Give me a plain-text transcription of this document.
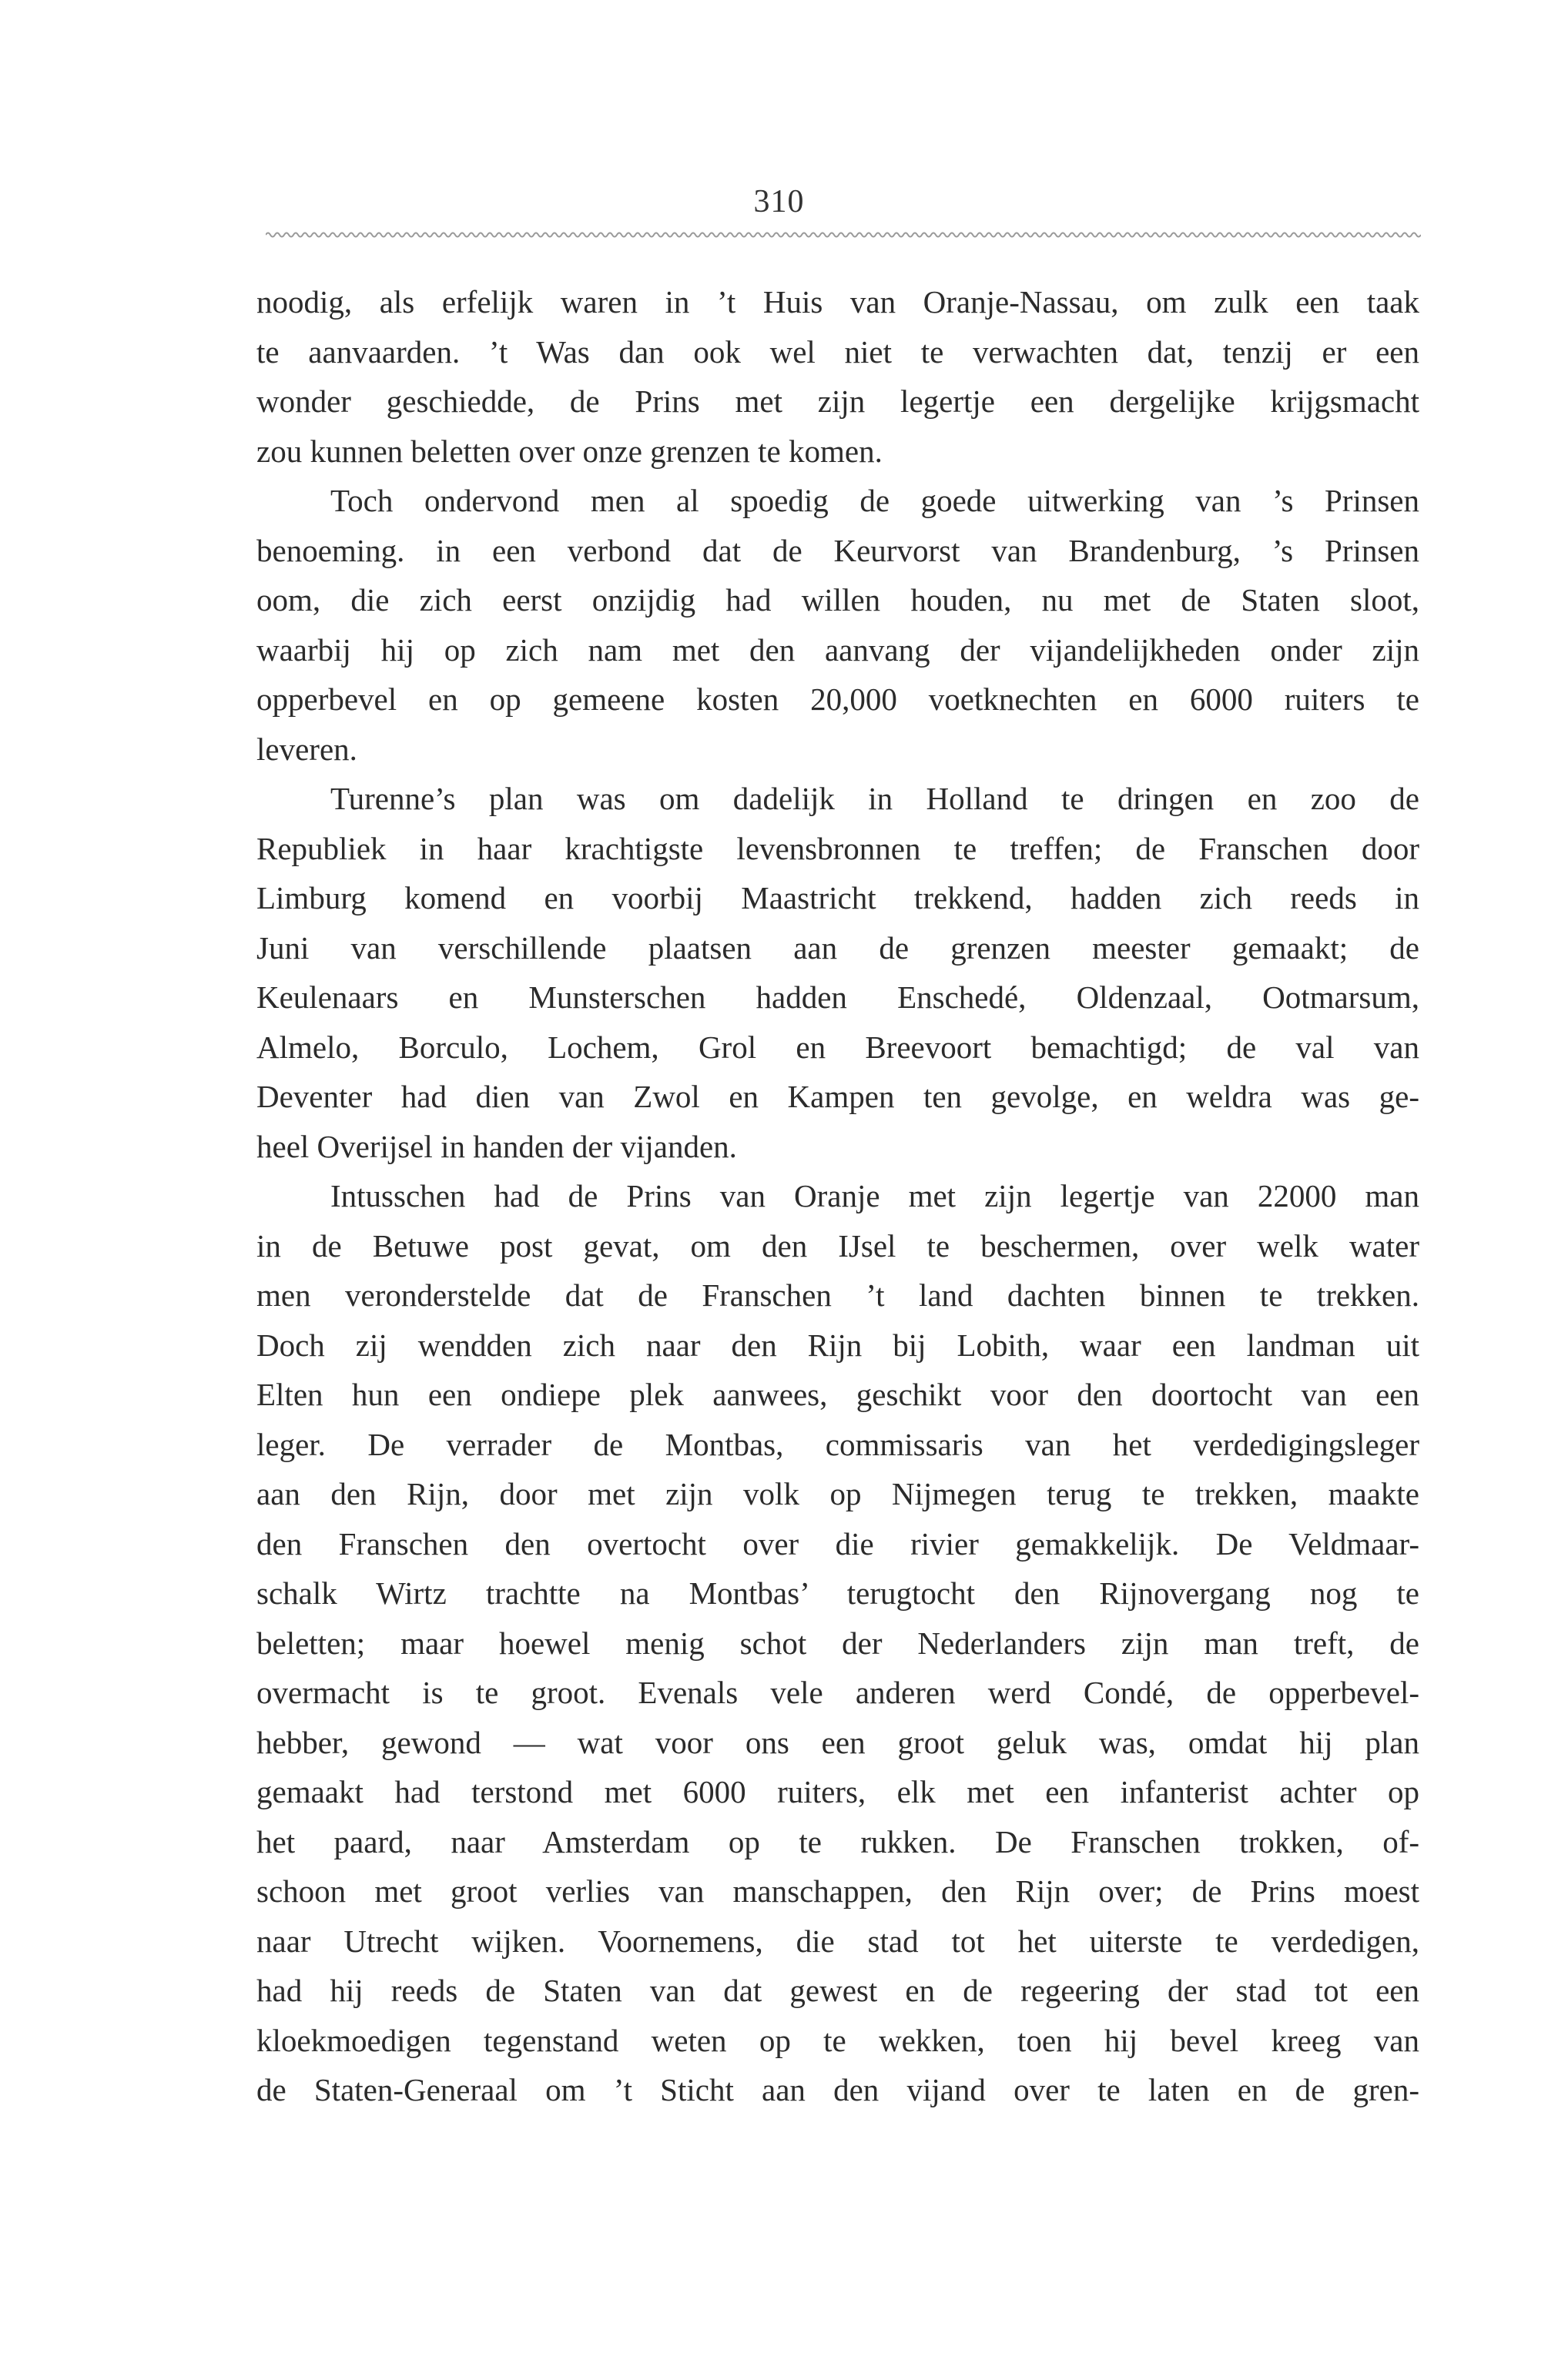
310
noodig, als erfelijk waren in ’t Huis van Oranje-Nassau, om zulk een taak
te aanvaarden. ’t Was dan ook wel niet te verwachten dat, tenzij er een
wonder geschiedde, de Prins met zijn legertje een dergelijke krijgsmacht
zou kunnen beletten over onze grenzen te komen.
Toch ondervond men al spoedig de goede uitwerking van ’s Prinsen
benoeming. in een verbond dat de Keurvorst van Brandenburg, ’s Prinsen
oom, die zich eerst onzijdig had willen houden, nu met de Staten sloot,
waarbij hij op zich nam met den aanvang der vijandelijkheden onder zijn
opperbevel en op gemeene kosten 20,000 voetknechten en 6000 ruiters te
leveren.
Turenne’s plan was om dadelijk in Holland te dringen en zoo de
Republiek in haar krachtigste levensbronnen te treffen; de Franschen door
Limburg komend en voorbij Maastricht trekkend, hadden zich reeds in
Juni van verschillende plaatsen aan de grenzen meester gemaakt; de
Keulenaars en Munsterschen hadden Enschedé, Oldenzaal, Ootmarsum,
Almelo, Borculo, Lochem, Grol en Breevoort bemachtigd; de val van
Deventer had dien van Zwol en Kampen ten gevolge, en weldra was ge-
heel Overijsel in handen der vijanden.
Intusschen had de Prins van Oranje met zijn legertje van 22000 man
in de Betuwe post gevat, om den IJsel te beschermen, over welk water
men veronderstelde dat de Franschen ’t land dachten binnen te trekken.
Doch zij wendden zich naar den Rijn bij Lobith, waar een landman uit
Elten hun een ondiepe plek aanwees, geschikt voor den doortocht van een
leger. De verrader de Montbas, commissaris van het verdedigingsleger
aan den Rijn, door met zijn volk op Nijmegen terug te trekken, maakte
den Franschen den overtocht over die rivier gemakkelijk. De Veldmaar-
schalk Wirtz trachtte na Montbas’ terugtocht den Rijnovergang nog te
beletten; maar hoewel menig schot der Nederlanders zijn man treft, de
overmacht is te groot. Evenals vele anderen werd Condé, de opperbevel-
hebber, gewond — wat voor ons een groot geluk was, omdat hij plan
gemaakt had terstond met 6000 ruiters, elk met een infanterist achter op
het paard, naar Amsterdam op te rukken. De Franschen trokken, of-
schoon met groot verlies van manschappen, den Rijn over; de Prins moest
naar Utrecht wijken. Voornemens, die stad tot het uiterste te verdedigen,
had hij reeds de Staten van dat gewest en de regeering der stad tot een
kloekmoedigen tegenstand weten op te wekken, toen hij bevel kreeg van
de Staten-Generaal om ’t Sticht aan den vijand over te laten en de gren-
